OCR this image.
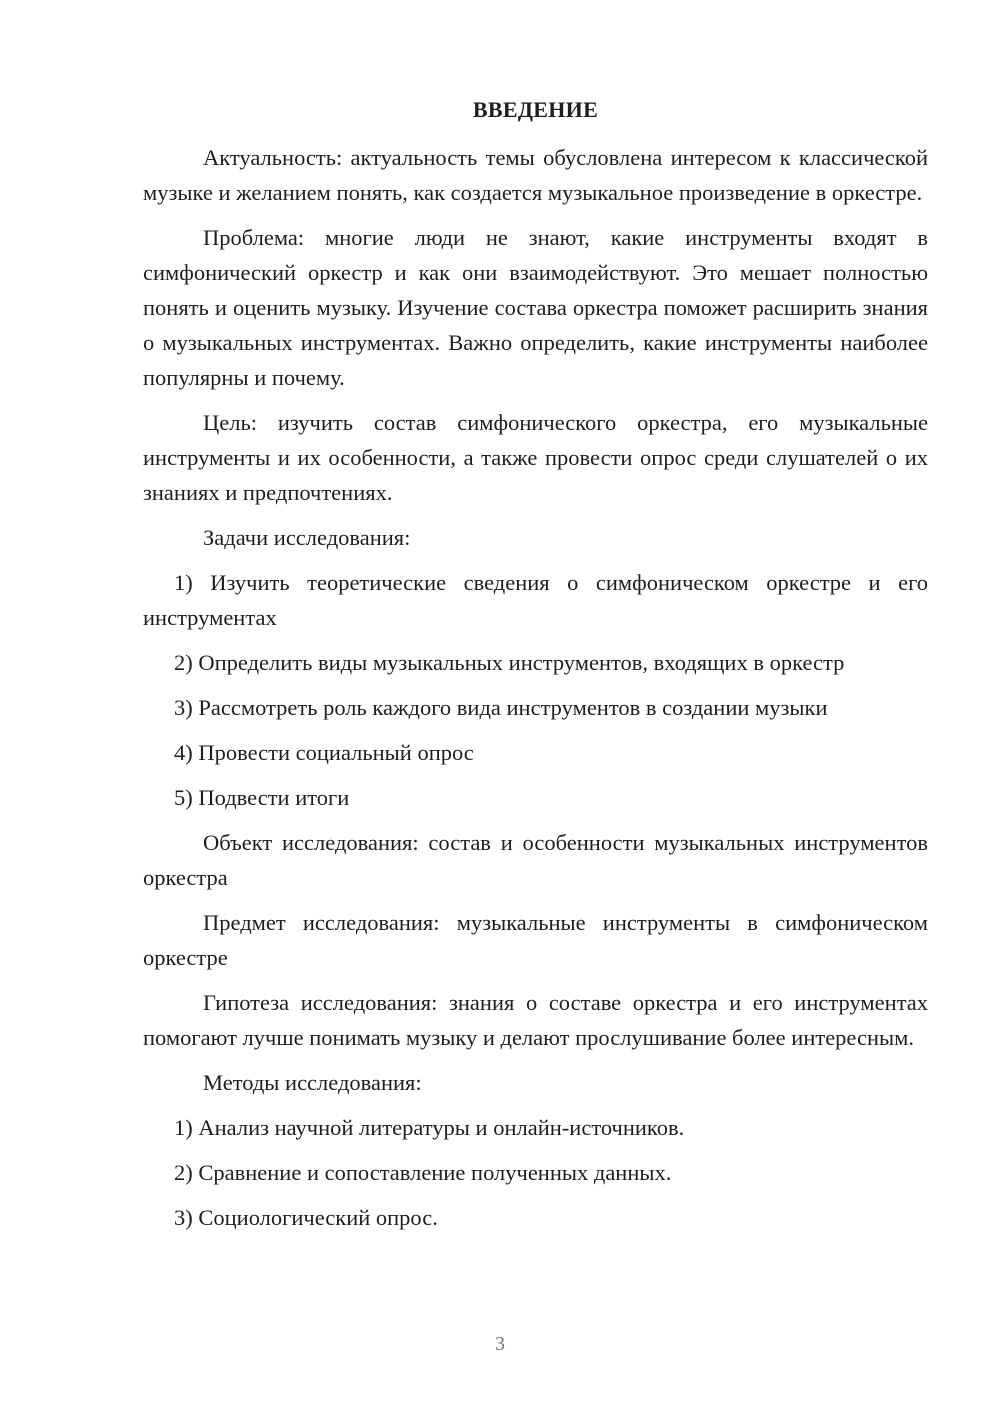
ВВЕДЕНИЕ

Актуальность: актуальность темы обусловлена интересом к классической музыке и желанием понять, как создается музыкальное произведение в оркестре.

Проблема: многие люди не знают, какие инструменты входят в симфонический оркестр и как они взаимодействуют. Это мешает полностью понять и оценить музыку. Изучение состава оркестра поможет расширить знания о музыкальных инструментах. Важно определить, какие инструменты наиболее популярны и почему.

Цель: изучить состав симфонического оркестра, его музыкальные инструменты и их особенности, а также провести опрос среди слушателей о их знаниях и предпочтениях.

Задачи исследования:
1) Изучить теоретические сведения о симфоническом оркестре и его инструментах
2) Определить виды музыкальных инструментов, входящих в оркестр
3) Рассмотреть роль каждого вида инструментов в создании музыки
4) Провести социальный опрос
5) Подвести итоги

Объект исследования: состав и особенности музыкальных инструментов оркестра

Предмет исследования: музыкальные инструменты в симфоническом оркестре

Гипотеза исследования: знания о составе оркестра и его инструментах помогают лучше понимать музыку и делают прослушивание более интересным.

Методы исследования:
1) Анализ научной литературы и онлайн-источников.
2) Сравнение и сопоставление полученных данных.
3) Социологический опрос.
3
